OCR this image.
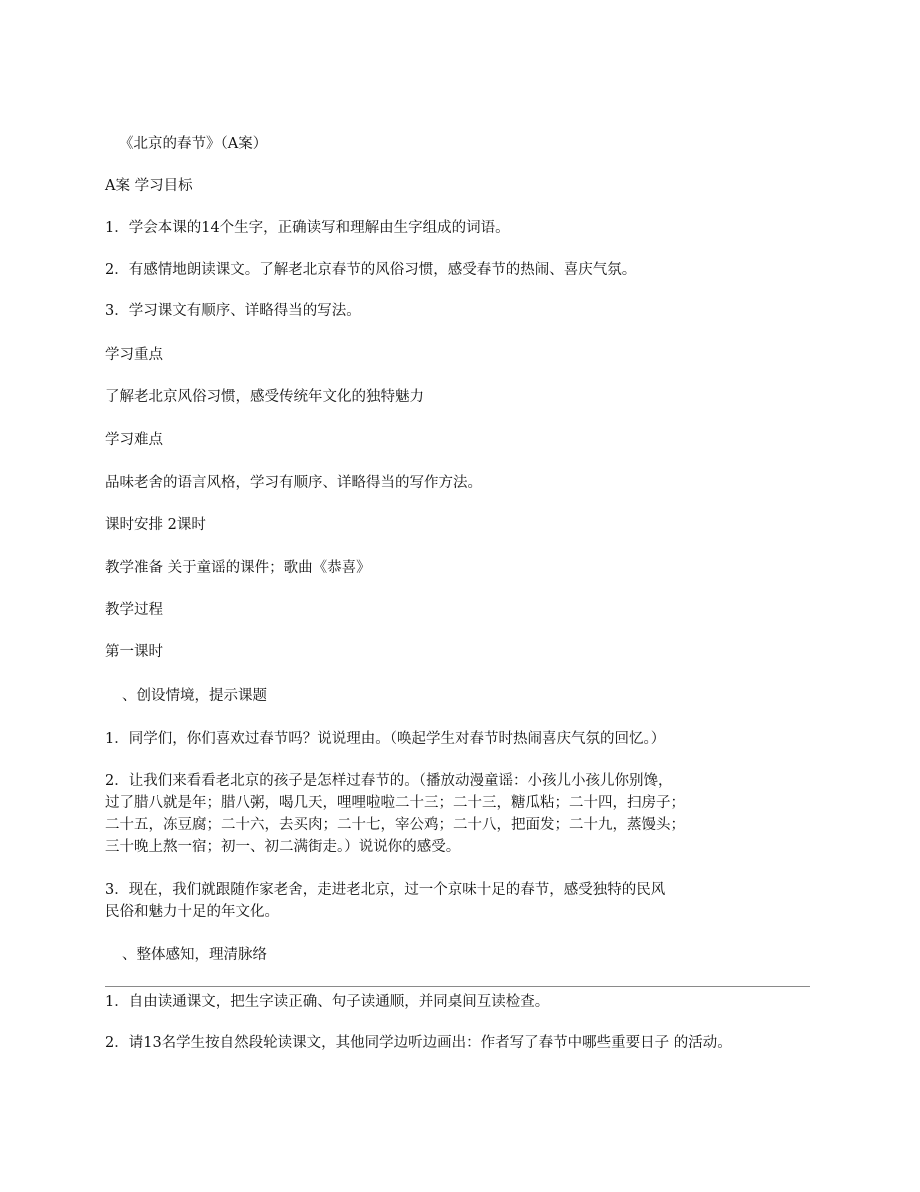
《北京的春节》（A案）
A案 学习目标
1．学会本课的14个生字，正确读写和理解由生字组成的词语。
2．有感情地朗读课文。了解老北京春节的风俗习惯，感受春节的热闹、喜庆气氛。
3．学习课文有顺序、详略得当的写法。
学习重点
了解老北京风俗习惯，感受传统年文化的独特魅力
学习难点
品味老舍的语言风格，学习有顺序、详略得当的写作方法。
课时安排 2课时
教学准备 关于童谣的课件；歌曲《恭喜》
教学过程
第一课时
、创设情境，提示课题
1．同学们，你们喜欢过春节吗？说说理由。（唤起学生对春节时热闹喜庆气氛的回忆。）
2．让我们来看看老北京的孩子是怎样过春节的。（播放动漫童谣：小孩儿小孩儿你别馋，
过了腊八就是年；腊八粥，喝几天，哩哩啦啦二十三；二十三，糖瓜粘；二十四，扫房子；
二十五，冻豆腐；二十六，去买肉；二十七，宰公鸡；二十八，把面发；二十九，蒸馒头；
三十晚上熬一宿；初一、初二满街走。）说说你的感受。
3．现在，我们就跟随作家老舍，走进老北京，过一个京味十足的春节，感受独特的民风
民俗和魅力十足的年文化。
、整体感知，理清脉络
1．自由读通课文，把生字读正确、句子读通顺，并同桌间互读检查。
2．请13名学生按自然段轮读课文，其他同学边听边画出：作者写了春节中哪些重要日子 的活动。
